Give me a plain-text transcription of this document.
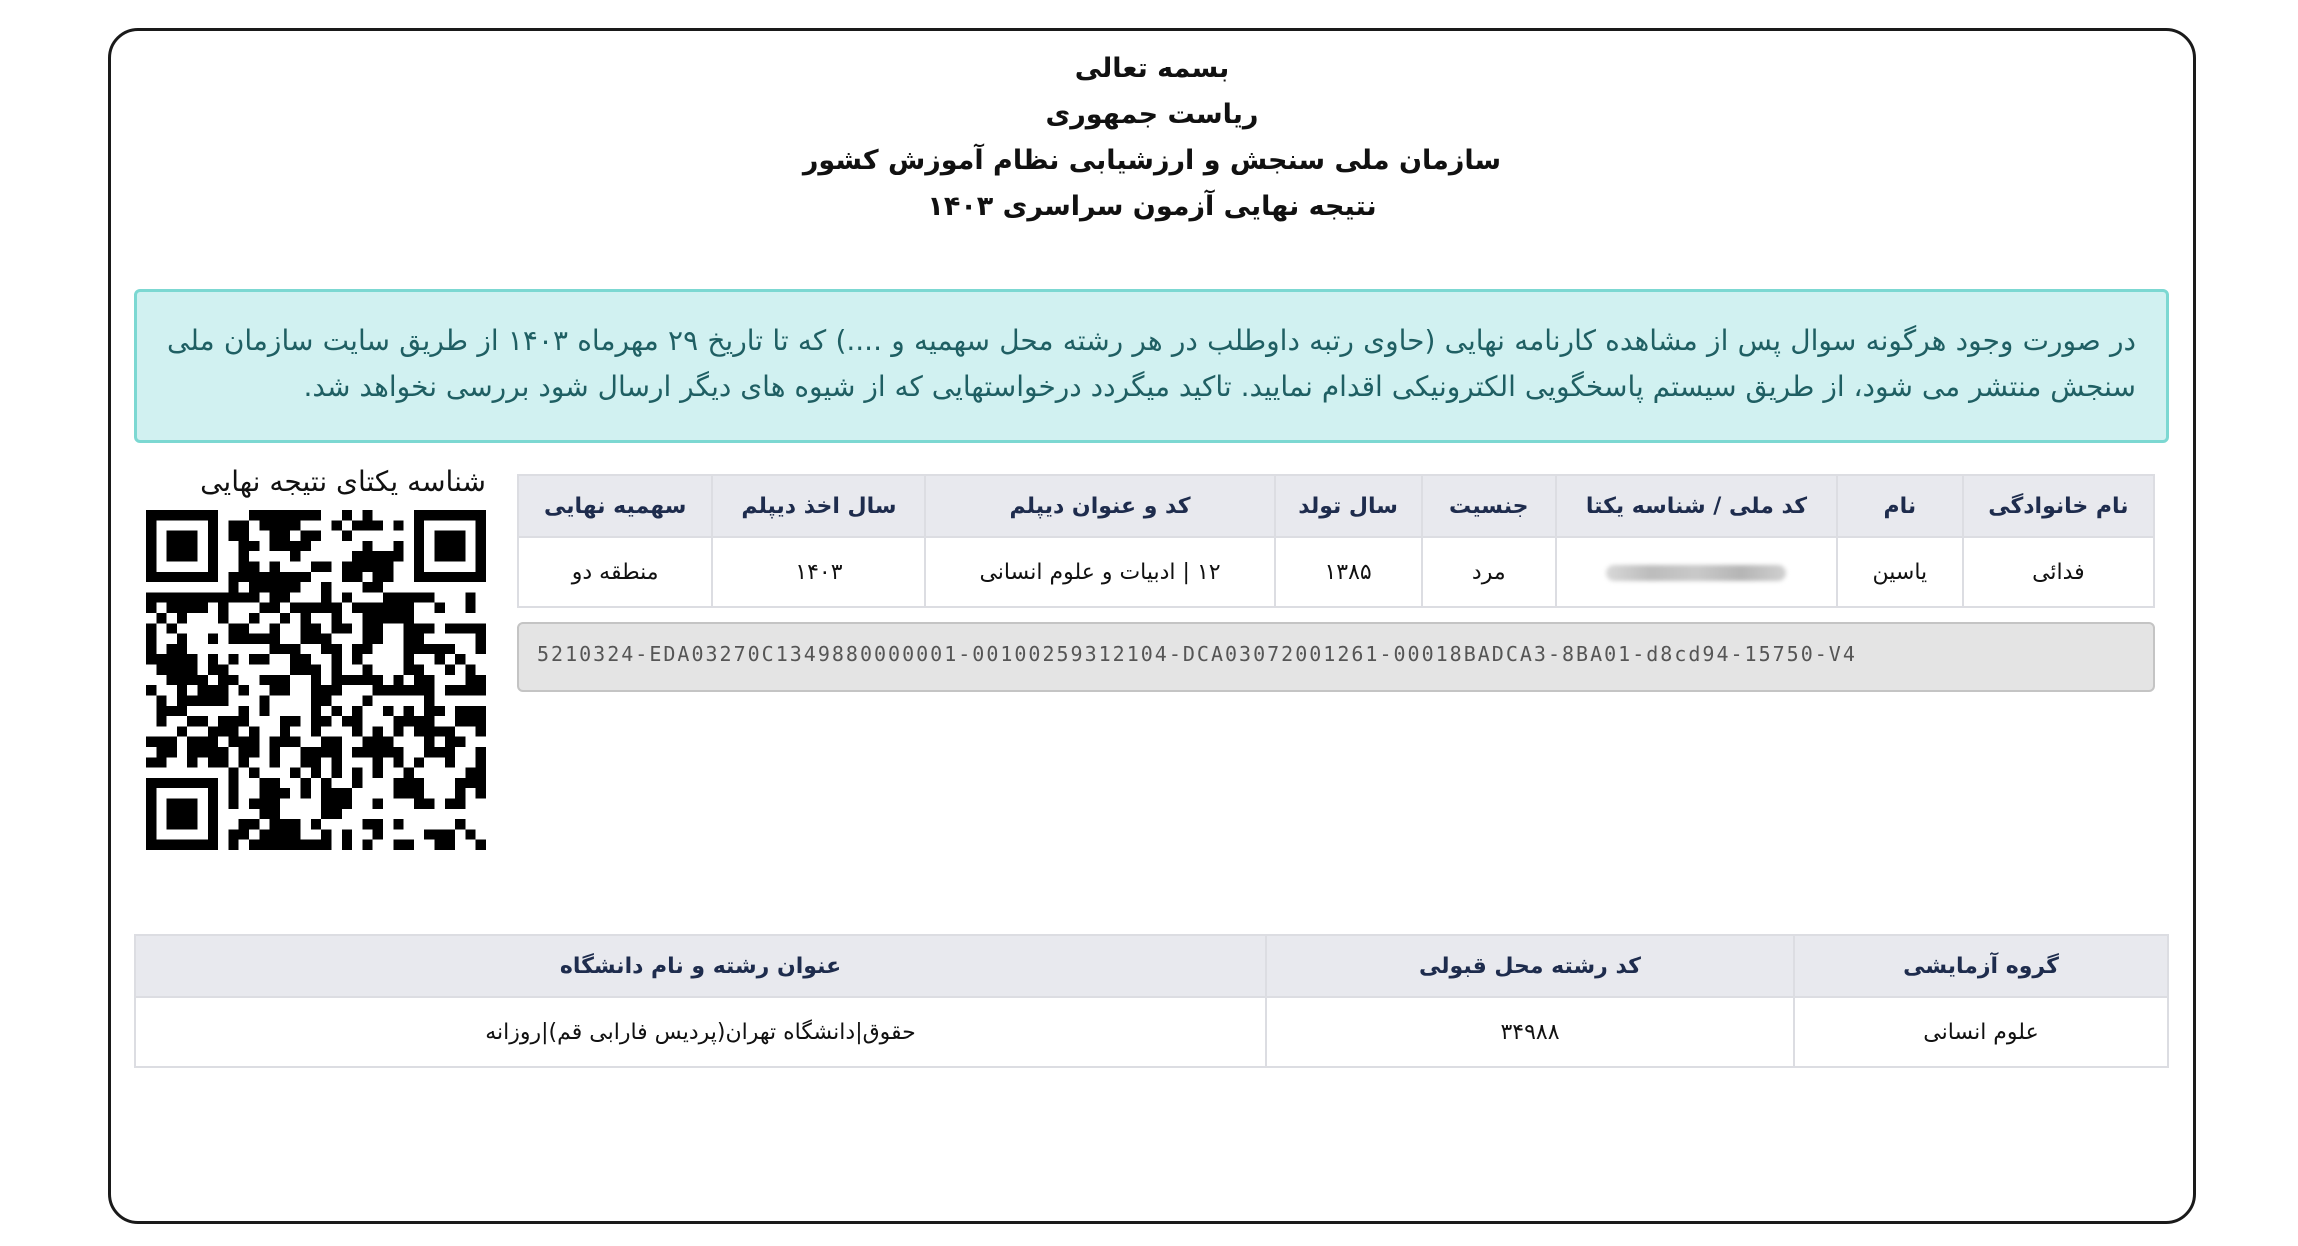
بسمه تعالی
ریاست جمهوری
سازمان ملی سنجش و ارزشیابی نظام آموزش کشور
نتیجه نهایی آزمون سراسری ۱۴۰۳
در صورت وجود هرگونه سوال پس از مشاهده کارنامه نهایی (حاوی رتبه داوطلب در هر رشته محل سهمیه و ....) که تا تاریخ ۲۹ مهرماه ۱۴۰۳ از طریق سایت سازمان ملی سنجش منتشر می شود، از طریق سیستم پاسخگویی الکترونیکی اقدام نمایید. تاکید میگردد درخواستهایی که از شیوه های دیگر ارسال شود بررسی نخواهد شد.
شناسه یکتای نتیجه نهایی
نام خانوادگی	نام	کد ملی / شناسه یکتا	جنسیت	سال تولد	کد و عنوان دیپلم	سال اخذ دیپلم	سهمیه نهایی
فدائی	یاسین		مرد	۱۳۸۵	۱۲ | ادبیات و علوم انسانی	۱۴۰۳	منطقه دو
5210324-EDA03270C1349880000001-00100259312104-DCA03072001261-00018BADCA3-8BA01-d8cd94-15750-V4
گروه آزمایشی	کد رشته محل قبولی	عنوان رشته و نام دانشگاه
علوم انسانی	۳۴۹۸۸	حقوق|دانشگاه تهران(پردیس فارابی قم)|روزانه
